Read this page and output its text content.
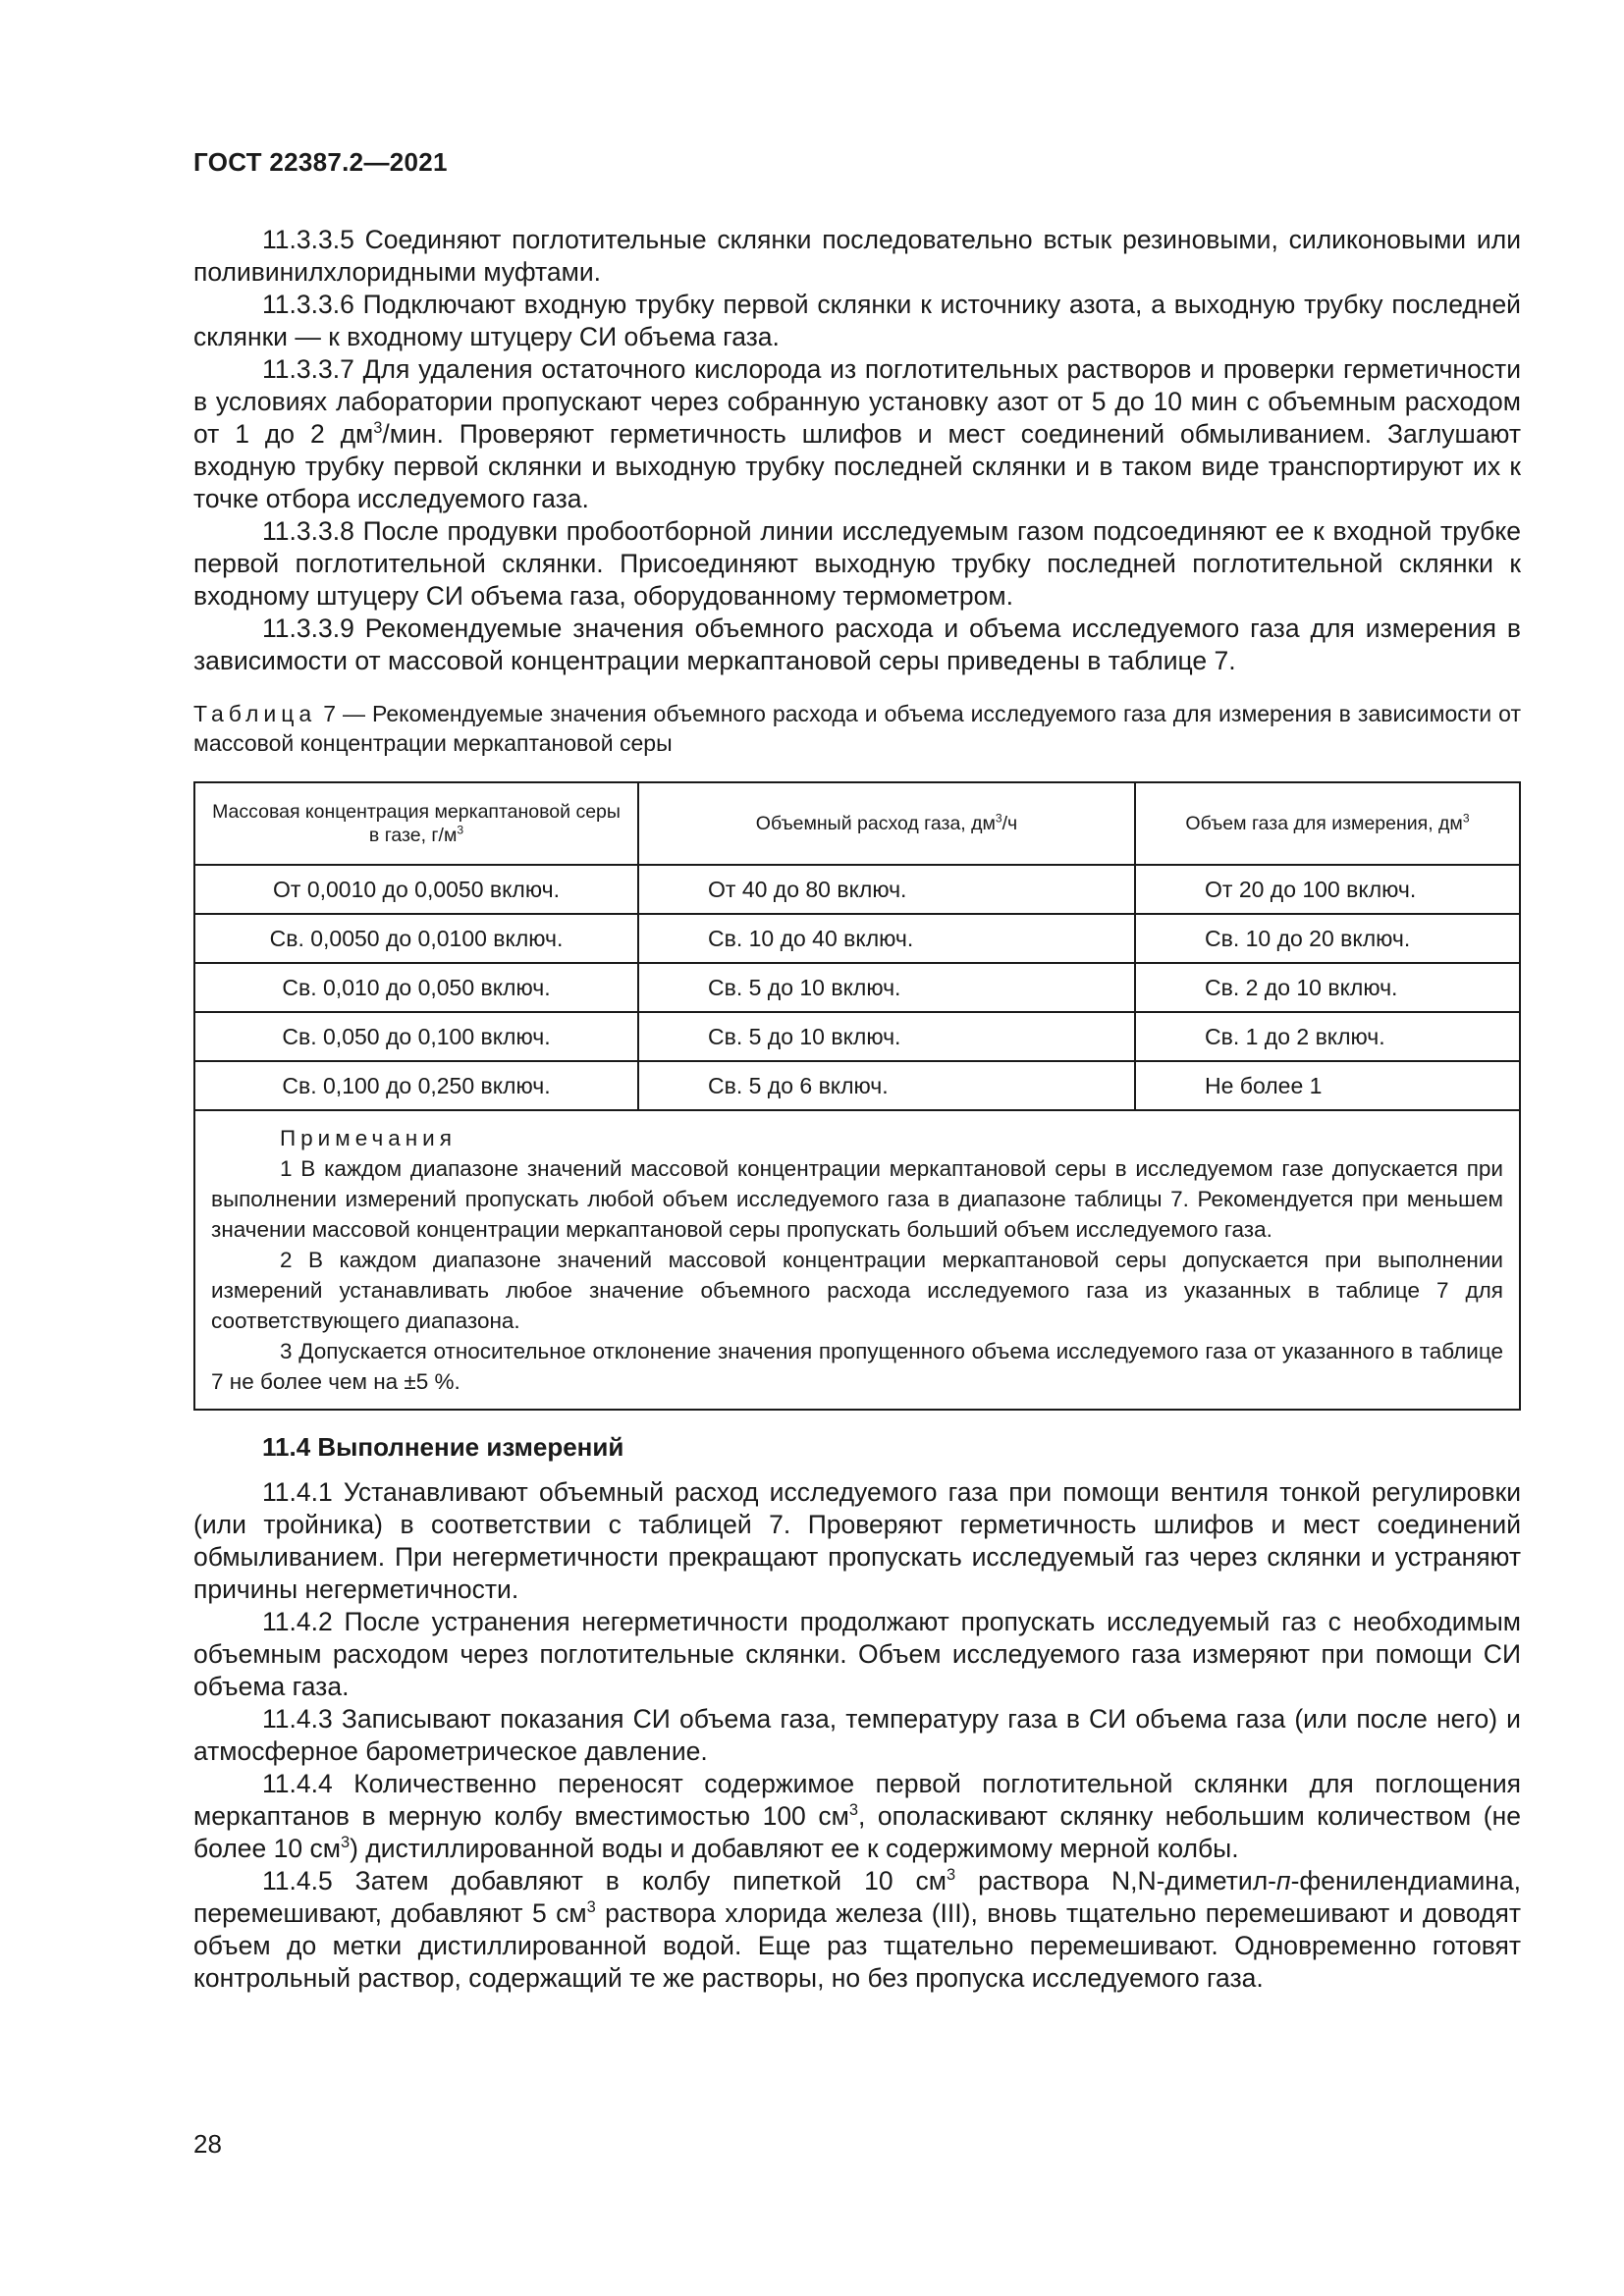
ГОСТ 22387.2—2021

11.3.3.5 Соединяют поглотительные склянки последовательно встык резиновыми, силиконовыми или поливинилхлоридными муфтами.

11.3.3.6 Подключают входную трубку первой склянки к источнику азота, а выходную трубку последней склянки — к входному штуцеру СИ объема газа.

11.3.3.7 Для удаления остаточного кислорода из поглотительных растворов и проверки герметичности в условиях лаборатории пропускают через собранную установку азот от 5 до 10 мин с объемным расходом от 1 до 2 $дм^3$/мин. Проверяют герметичность шлифов и мест соединений обмыливанием. Заглушают входную трубку первой склянки и выходную трубку последней склянки и в таком виде транспортируют их к точке отбора исследуемого газа.

11.3.3.8 После продувки пробоотборной линии исследуемым газом подсоединяют ее к входной трубке первой поглотительной склянки. Присоединяют выходную трубку последней поглотительной склянки к входному штуцеру СИ объема газа, оборудованному термометром.

11.3.3.9 Рекомендуемые значения объемного расхода и объема исследуемого газа для измерения в зависимости от массовой концентрации меркаптановой серы приведены в таблице 7.

Таблица 7 — Рекомендуемые значения объемного расхода и объема исследуемого газа для измерения в зависимости от массовой концентрации меркаптановой серы
Массовая концентрация меркаптановой серы в газе, $г/м^3$	Объемный расход газа, $дм^3/ч$	Объем газа для измерения, $дм^3$
От 0,0010 до 0,0050 включ.	От 40 до 80 включ.	От 20 до 100 включ.
Св. 0,0050 до 0,0100 включ.	Св. 10 до 40 включ.	Св. 10 до 20 включ.
Св. 0,010 до 0,050 включ.	Св. 5 до 10 включ.	Св. 2 до 10 включ.
Св. 0,050 до 0,100 включ.	Св. 5 до 10 включ.	Св. 1 до 2 включ.
Св. 0,100 до 0,250 включ.	Св. 5 до 6 включ.	Не более 1

Примечания
1 В каждом диапазоне значений массовой концентрации меркаптановой серы в исследуемом газе допускается при выполнении измерений пропускать любой объем исследуемого газа в диапазоне таблицы 7. Рекомендуется при меньшем значении массовой концентрации меркаптановой серы пропускать больший объем исследуемого газа.
2 В каждом диапазоне значений массовой концентрации меркаптановой серы допускается при выполнении измерений устанавливать любое значение объемного расхода исследуемого газа из указанных в таблице 7 для соответствующего диапазона.
3 Допускается относительное отклонение значения пропущенного объема исследуемого газа от указанного в таблице 7 не более чем на ±5 %.		
11.4 Выполнение измерений

11.4.1 Устанавливают объемный расход исследуемого газа при помощи вентиля тонкой регулировки (или тройника) в соответствии с таблицей 7. Проверяют герметичность шлифов и мест соединений обмыливанием. При негерметичности прекращают пропускать исследуемый газ через склянки и устраняют причины негерметичности.

11.4.2 После устранения негерметичности продолжают пропускать исследуемый газ с необходимым объемным расходом через поглотительные склянки. Объем исследуемого газа измеряют при помощи СИ объема газа.

11.4.3 Записывают показания СИ объема газа, температуру газа в СИ объема газа (или после него) и атмосферное барометрическое давление.

11.4.4 Количественно переносят содержимое первой поглотительной склянки для поглощения меркаптанов в мерную колбу вместимостью 100 $см^3$, ополаскивают склянку небольшим количеством (не более 10 $см^3$) дистиллированной воды и добавляют ее к содержимому мерной колбы.

11.4.5 Затем добавляют в колбу пипеткой 10 $см^3$ раствора N,N-диметил-п-фенилендиамина, перемешивают, добавляют 5 $см^3$ раствора хлорида железа (III), вновь тщательно перемешивают и доводят объем до метки дистиллированной водой. Еще раз тщательно перемешивают. Одновременно готовят контрольный раствор, содержащий те же растворы, но без пропуска исследуемого газа.

28
